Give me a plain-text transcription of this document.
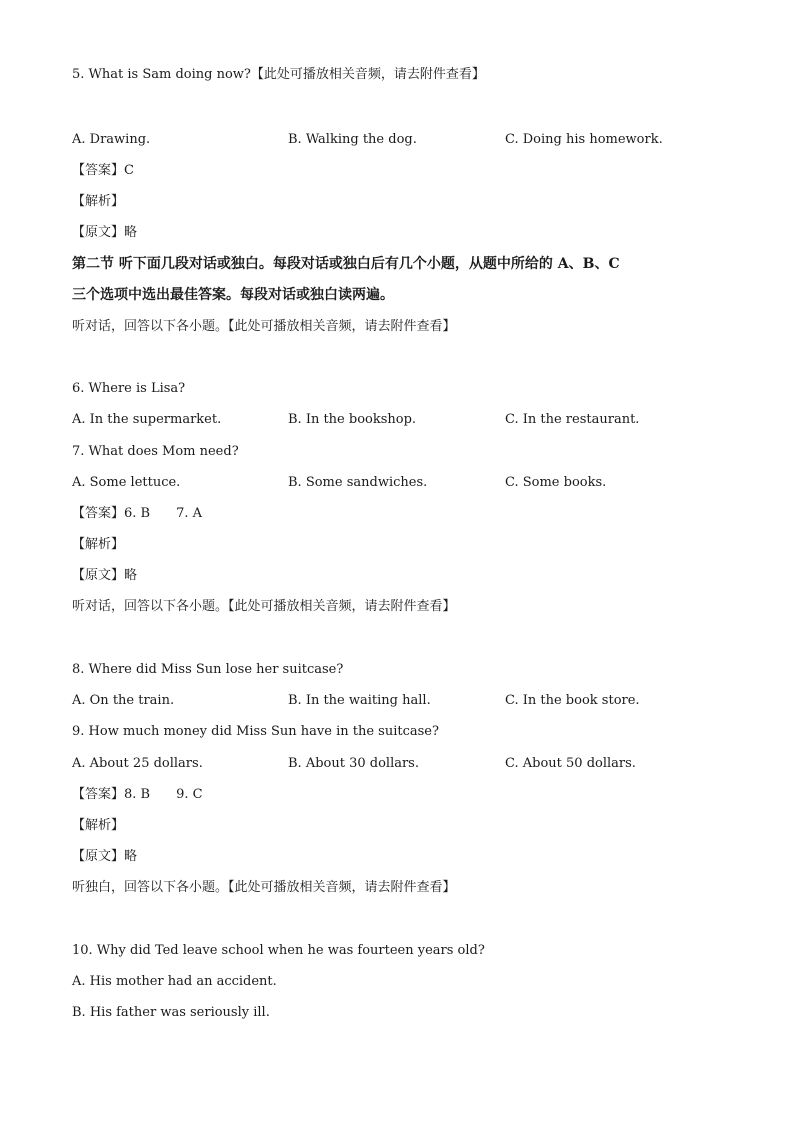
5. What is Sam doing now?【此处可播放相关音频，请去附件查看】
A. Drawing.	B. Walking the dog.	C. Doing his homework.
【答案】C
【解析】
【原文】略
第二节 听下面几段对话或独白。每段对话或独白后有几个小题，从题中所给的 A、B、C
三个选项中选出最佳答案。每段对话或独白读两遍。
听对话，回答以下各小题。【此处可播放相关音频，请去附件查看】
6. Where is Lisa?
A. In the supermarket.	B. In the bookshop.	C. In the restaurant.
7. What does Mom need?
A. Some lettuce.	B. Some sandwiches.	C. Some books.
【答案】6. B 7. A
【解析】
【原文】略
听对话，回答以下各小题。【此处可播放相关音频，请去附件查看】
8. Where did Miss Sun lose her suitcase?
A. On the train.	B. In the waiting hall.	C. In the book store.
9. How much money did Miss Sun have in the suitcase?
A. About 25 dollars.	B. About 30 dollars.	C. About 50 dollars.
【答案】8. B 9. C
【解析】
【原文】略
听独白，回答以下各小题。【此处可播放相关音频，请去附件查看】
10. Why did Ted leave school when he was fourteen years old?
A. His mother had an accident.
B. His father was seriously ill.
